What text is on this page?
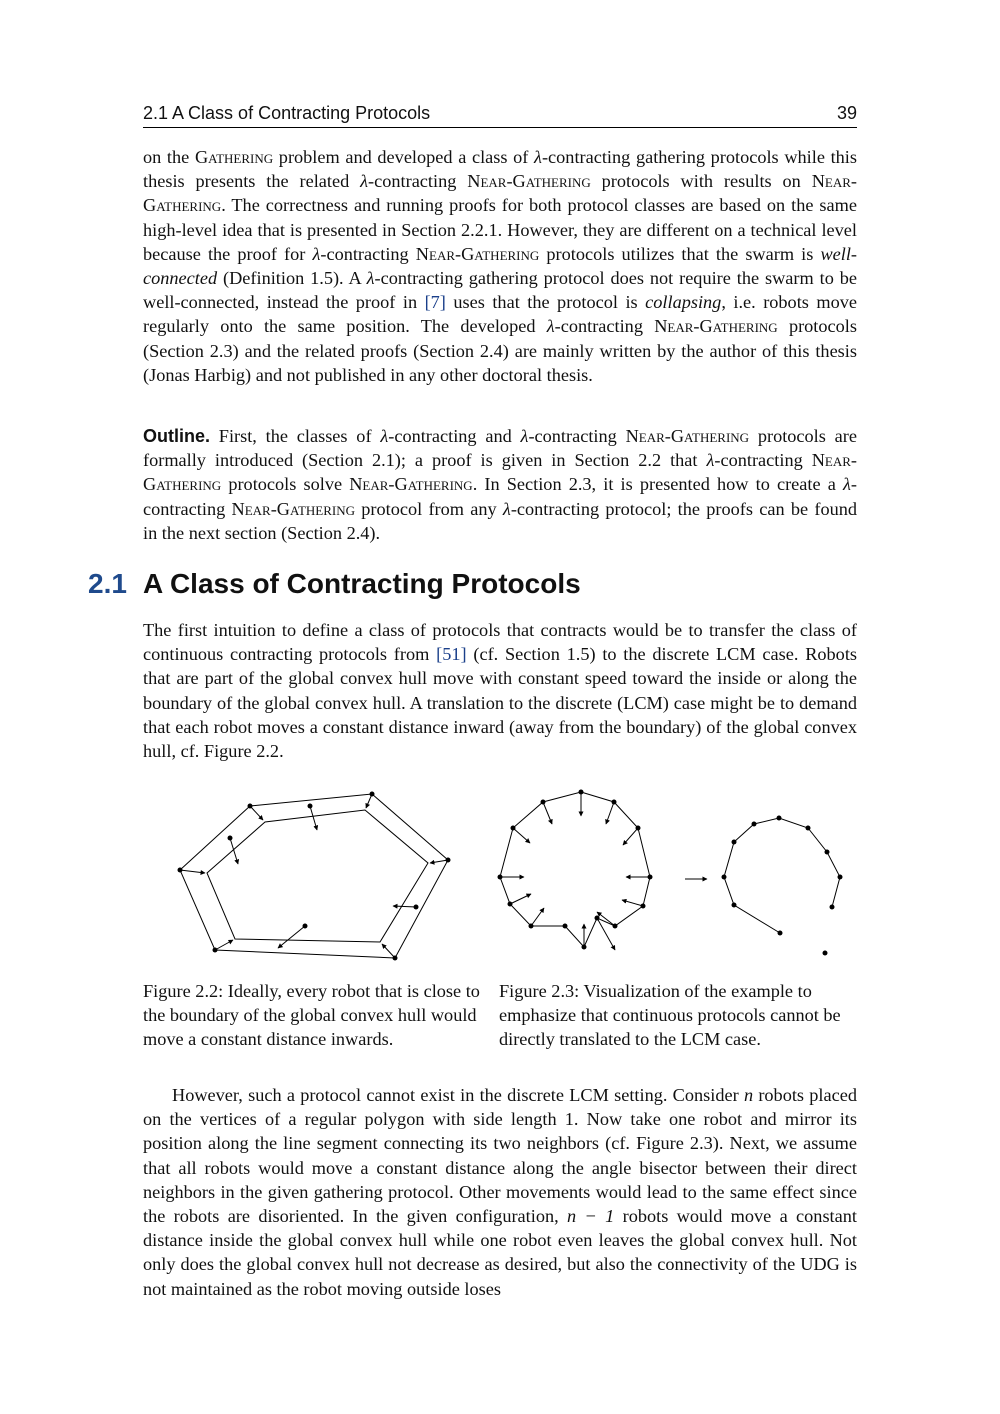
2.1 A Class of Contracting Protocols	39

on the Gathering problem and developed a class of λ-contracting gathering protocols while this thesis presents the related λ-contracting Near-Gathering protocols with results on Near-Gathering. The correctness and running proofs for both protocol classes are based on the same high-level idea that is presented in Section 2.2.1. However, they are different on a technical level because the proof for λ-contracting Near-Gathering protocols utilizes that the swarm is well-connected (Definition 1.5). A λ-contracting gathering protocol does not require the swarm to be well-connected, instead the proof in [7] uses that the protocol is collapsing, i.e. robots move regularly onto the same position. The developed λ-contracting Near-Gathering protocols (Section 2.3) and the related proofs (Section 2.4) are mainly written by the author of this thesis (Jonas Harbig) and not published in any other doctoral thesis.

Outline. First, the classes of λ-contracting and λ-contracting Near-Gathering protocols are formally introduced (Section 2.1); a proof is given in Section 2.2 that λ-contracting Near-Gathering protocols solve Near-Gathering. In Section 2.3, it is presented how to create a λ-contracting Near-Gathering protocol from any λ-contracting protocol; the proofs can be found in the next section (Section 2.4).

2.1 A Class of Contracting Protocols

The first intuition to define a class of protocols that contracts would be to transfer the class of continuous contracting protocols from [51] (cf. Section 1.5) to the discrete LCM case. Robots that are part of the global convex hull move with constant speed toward the inside or along the boundary of the global convex hull. A translation to the discrete (LCM) case might be to demand that each robot moves a constant distance inward (away from the boundary) of the global convex hull, cf. Figure 2.2.

Figure 2.2: Ideally, every robot that is close to the boundary of the global convex hull would move a constant distance inwards.

Figure 2.3: Visualization of the example to emphasize that continuous protocols cannot be directly translated to the LCM case.

However, such a protocol cannot exist in the discrete LCM setting. Consider n robots placed on the vertices of a regular polygon with side length 1. Now take one robot and mirror its position along the line segment connecting its two neighbors (cf. Figure 2.3). Next, we assume that all robots would move a constant distance along the angle bisector between their direct neighbors in the given gathering protocol. Other movements would lead to the same effect since the robots are disoriented. In the given configuration, n − 1 robots would move a constant distance inside the global convex hull while one robot even leaves the global convex hull. Not only does the global convex hull not decrease as desired, but also the connectivity of the UDG is not maintained as the robot moving outside loses
